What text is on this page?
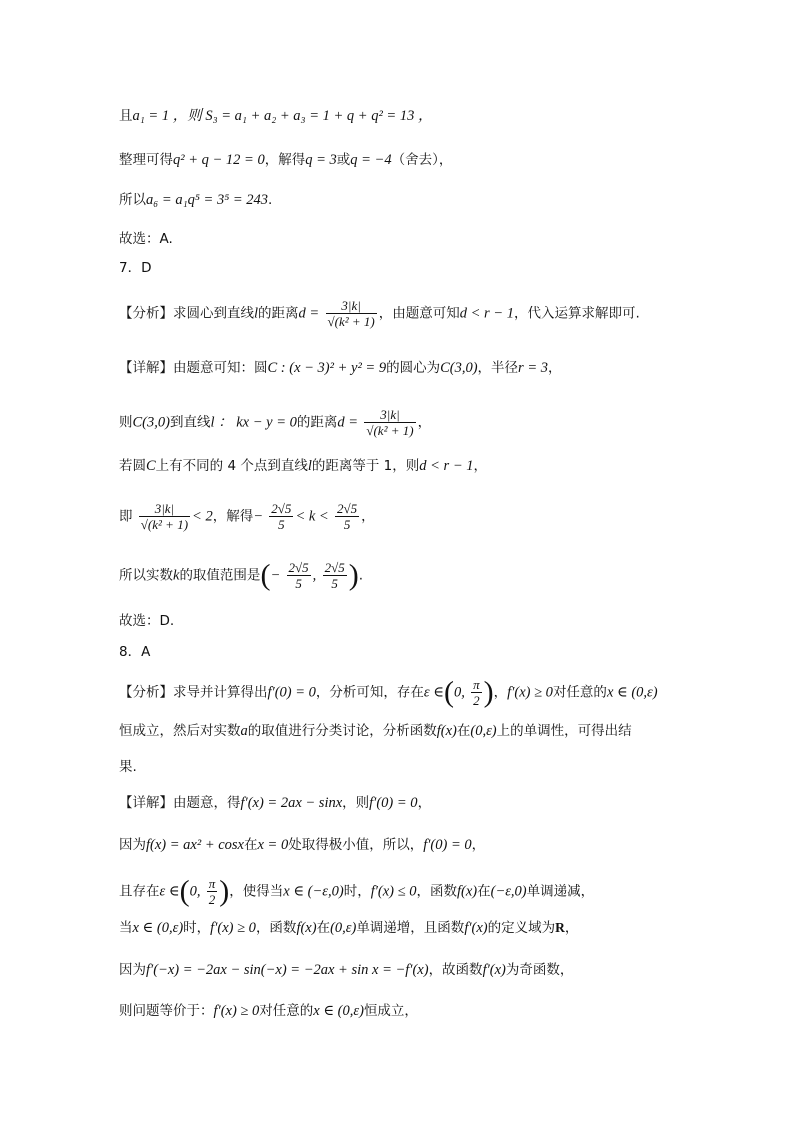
且a₁ = 1 ，则 S₃ = a₁ + a₂ + a₃ = 1 + q + q² = 13 ，
整理可得q² + q − 12 = 0，解得q = 3或q = −4（舍去），
所以a₆ = a₁q⁵ = 3⁵ = 243.
故选：A.
7．D
【分析】求圆心到直线l的距离$d = \frac{3|k|}{\text{√(k² + 1)}}$ ，由题意可知d < r − 1，代入运算求解即可.
【详解】由题意可知：圆C : (x − 3)² + y² = 9的圆心为C(3,0)，半径r = 3，
则C(3,0)到直线l ： kx − y = 0的距离$d = \frac{3|k|}{\text{√(k² + 1)}}$ ，
若圆C上有不同的 4 个点到直线l的距离等于 1，则d < r − 1，
即 $\frac{3|k|}{\text{√(k² + 1)}} < 2$，解得− $\frac{2√5}{5} < k < \frac{2√5}{5}$ ，
所以实数k的取值范围是(− $\frac{2√5}{5}$ , $\frac{2√5}{5}$ ).
故选：D.
8．A
【分析】求导并计算得出f′(0) = 0，分析可知，存在ε ∈(0, $\frac{\pi}{2}$ )，f′(x) ≥ 0对任意的x ∈ (0,ε)
恒成立，然后对实数a的取值进行分类讨论，分析函数f(x)在(0,ε)上的单调性，可得出结
果.
【详解】由题意，得f′(x) = 2ax − sinx，则f′(0) = 0，
因为f(x) = ax² + cosx在x = 0处取得极小值，所以，f′(0) = 0，
且存在ε ∈(0, $\frac{\pi}{2}$ )，使得当x ∈ (−ε,0)时，f′(x) ≤ 0，函数f(x)在(−ε,0)单调递减，
当x ∈ (0,ε)时，f′(x) ≥ 0，函数f(x)在(0,ε)单调递增，且函数f′(x)的定义域为R，
因为f′(−x) = −2ax − sin(−x) = −2ax + sin x = −f′(x)，故函数f′(x)为奇函数，
则问题等价于：f′(x) ≥ 0对任意的x ∈ (0,ε)恒成立，
